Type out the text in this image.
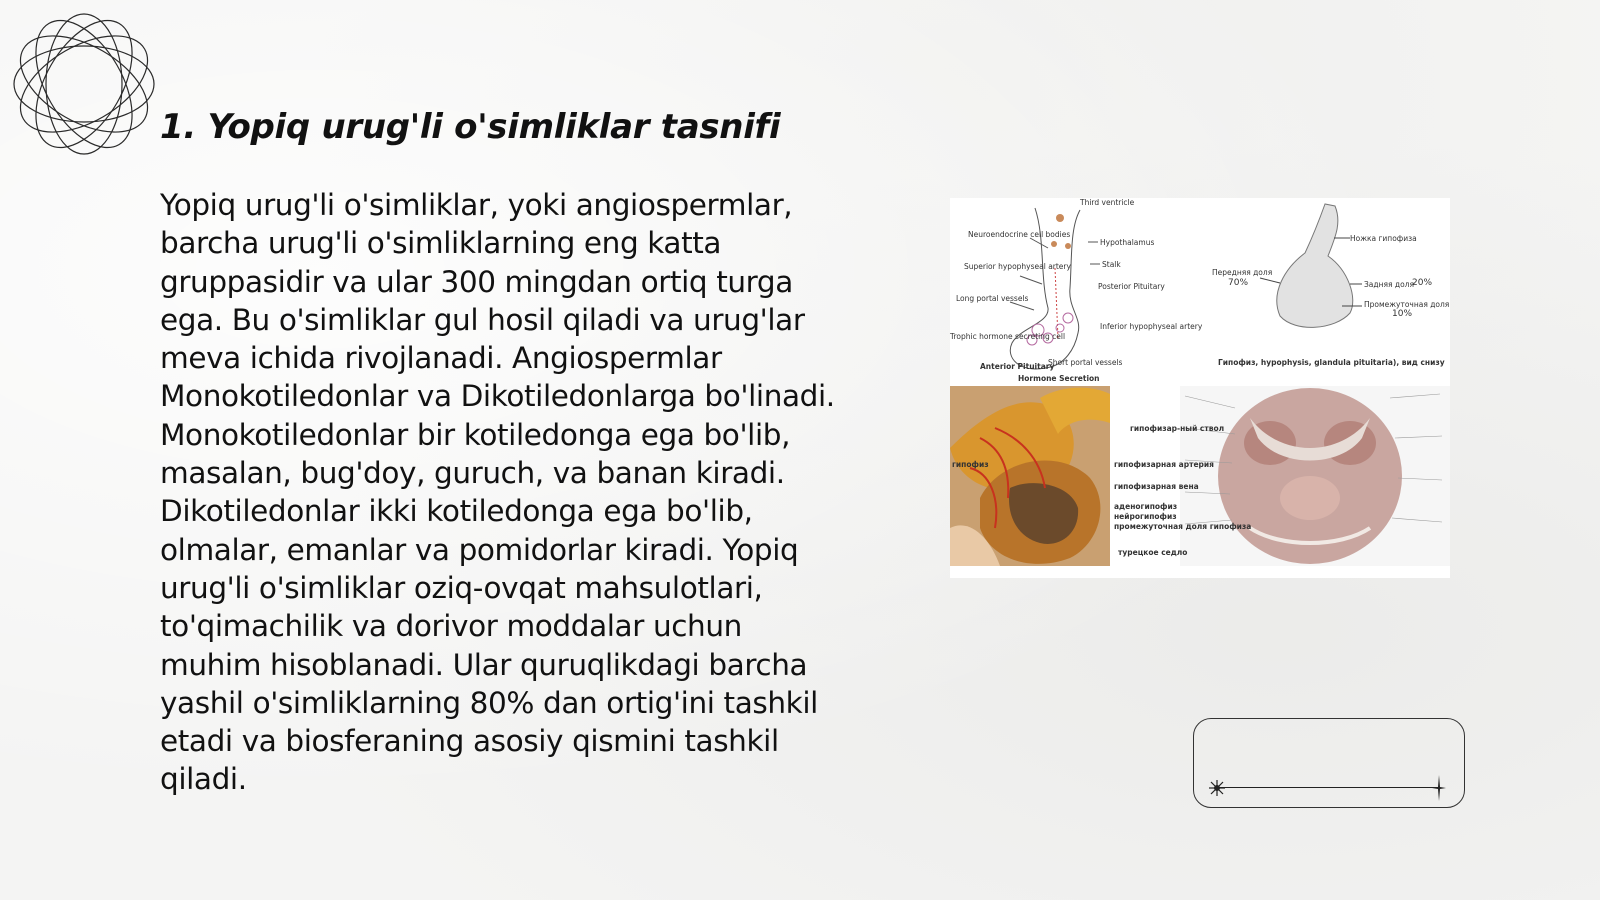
1. Yopiq urug'li o'simliklar tasnifi

Yopiq urug'li o'simliklar, yoki angiospermlar, barcha urug'li o'simliklarning eng katta gruppasidir va ular 300 mingdan ortiq turga ega. Bu o'simliklar gul hosil qiladi va urug'lar meva ichida rivojlanadi. Angiospermlar Monokotiledonlar va Dikotiledonlarga bo'linadi. Monokotiledonlar bir kotiledonga ega bo'lib, masalan, bug'doy, guruch, va banan kiradi. Dikotiledonlar ikki kotiledonga ega bo'lib, olmalar, emanlar va pomidorlar kiradi. Yopiq urug'li o'simliklar oziq-ovqat mahsulotlari, to'qimachilik va dorivor moddalar uchun muhim hisoblanadi. Ular quruqlikdagi barcha yashil o'simliklarning 80% dan ortig'ini tashkil etadi va biosferaning asosiy qismini tashkil qiladi.

Third ventricle
Neuroendocrine cell bodies
Hypothalamus
Superior hypophyseal artery	Stalk
Long portal vessels
Posterior Pituitary
Inferior hypophyseal artery
Trophic hormone secreting cell
Short portal vessels
Anterior Pituitary
Hormone Secretion
Ножка гипофиза
Передняя доля
70%	Задняя доля
20%
Промежуточная доля
10%
Гипофиз, hypophysis, glandula pituitaria), вид снизу
гипофизар-ный ствол
гипофиз	гипофизарная артерия
гипофизарная вена
аденогипофиз
нейрогипофиз
промежуточная доля гипофиза
турецкое седло
